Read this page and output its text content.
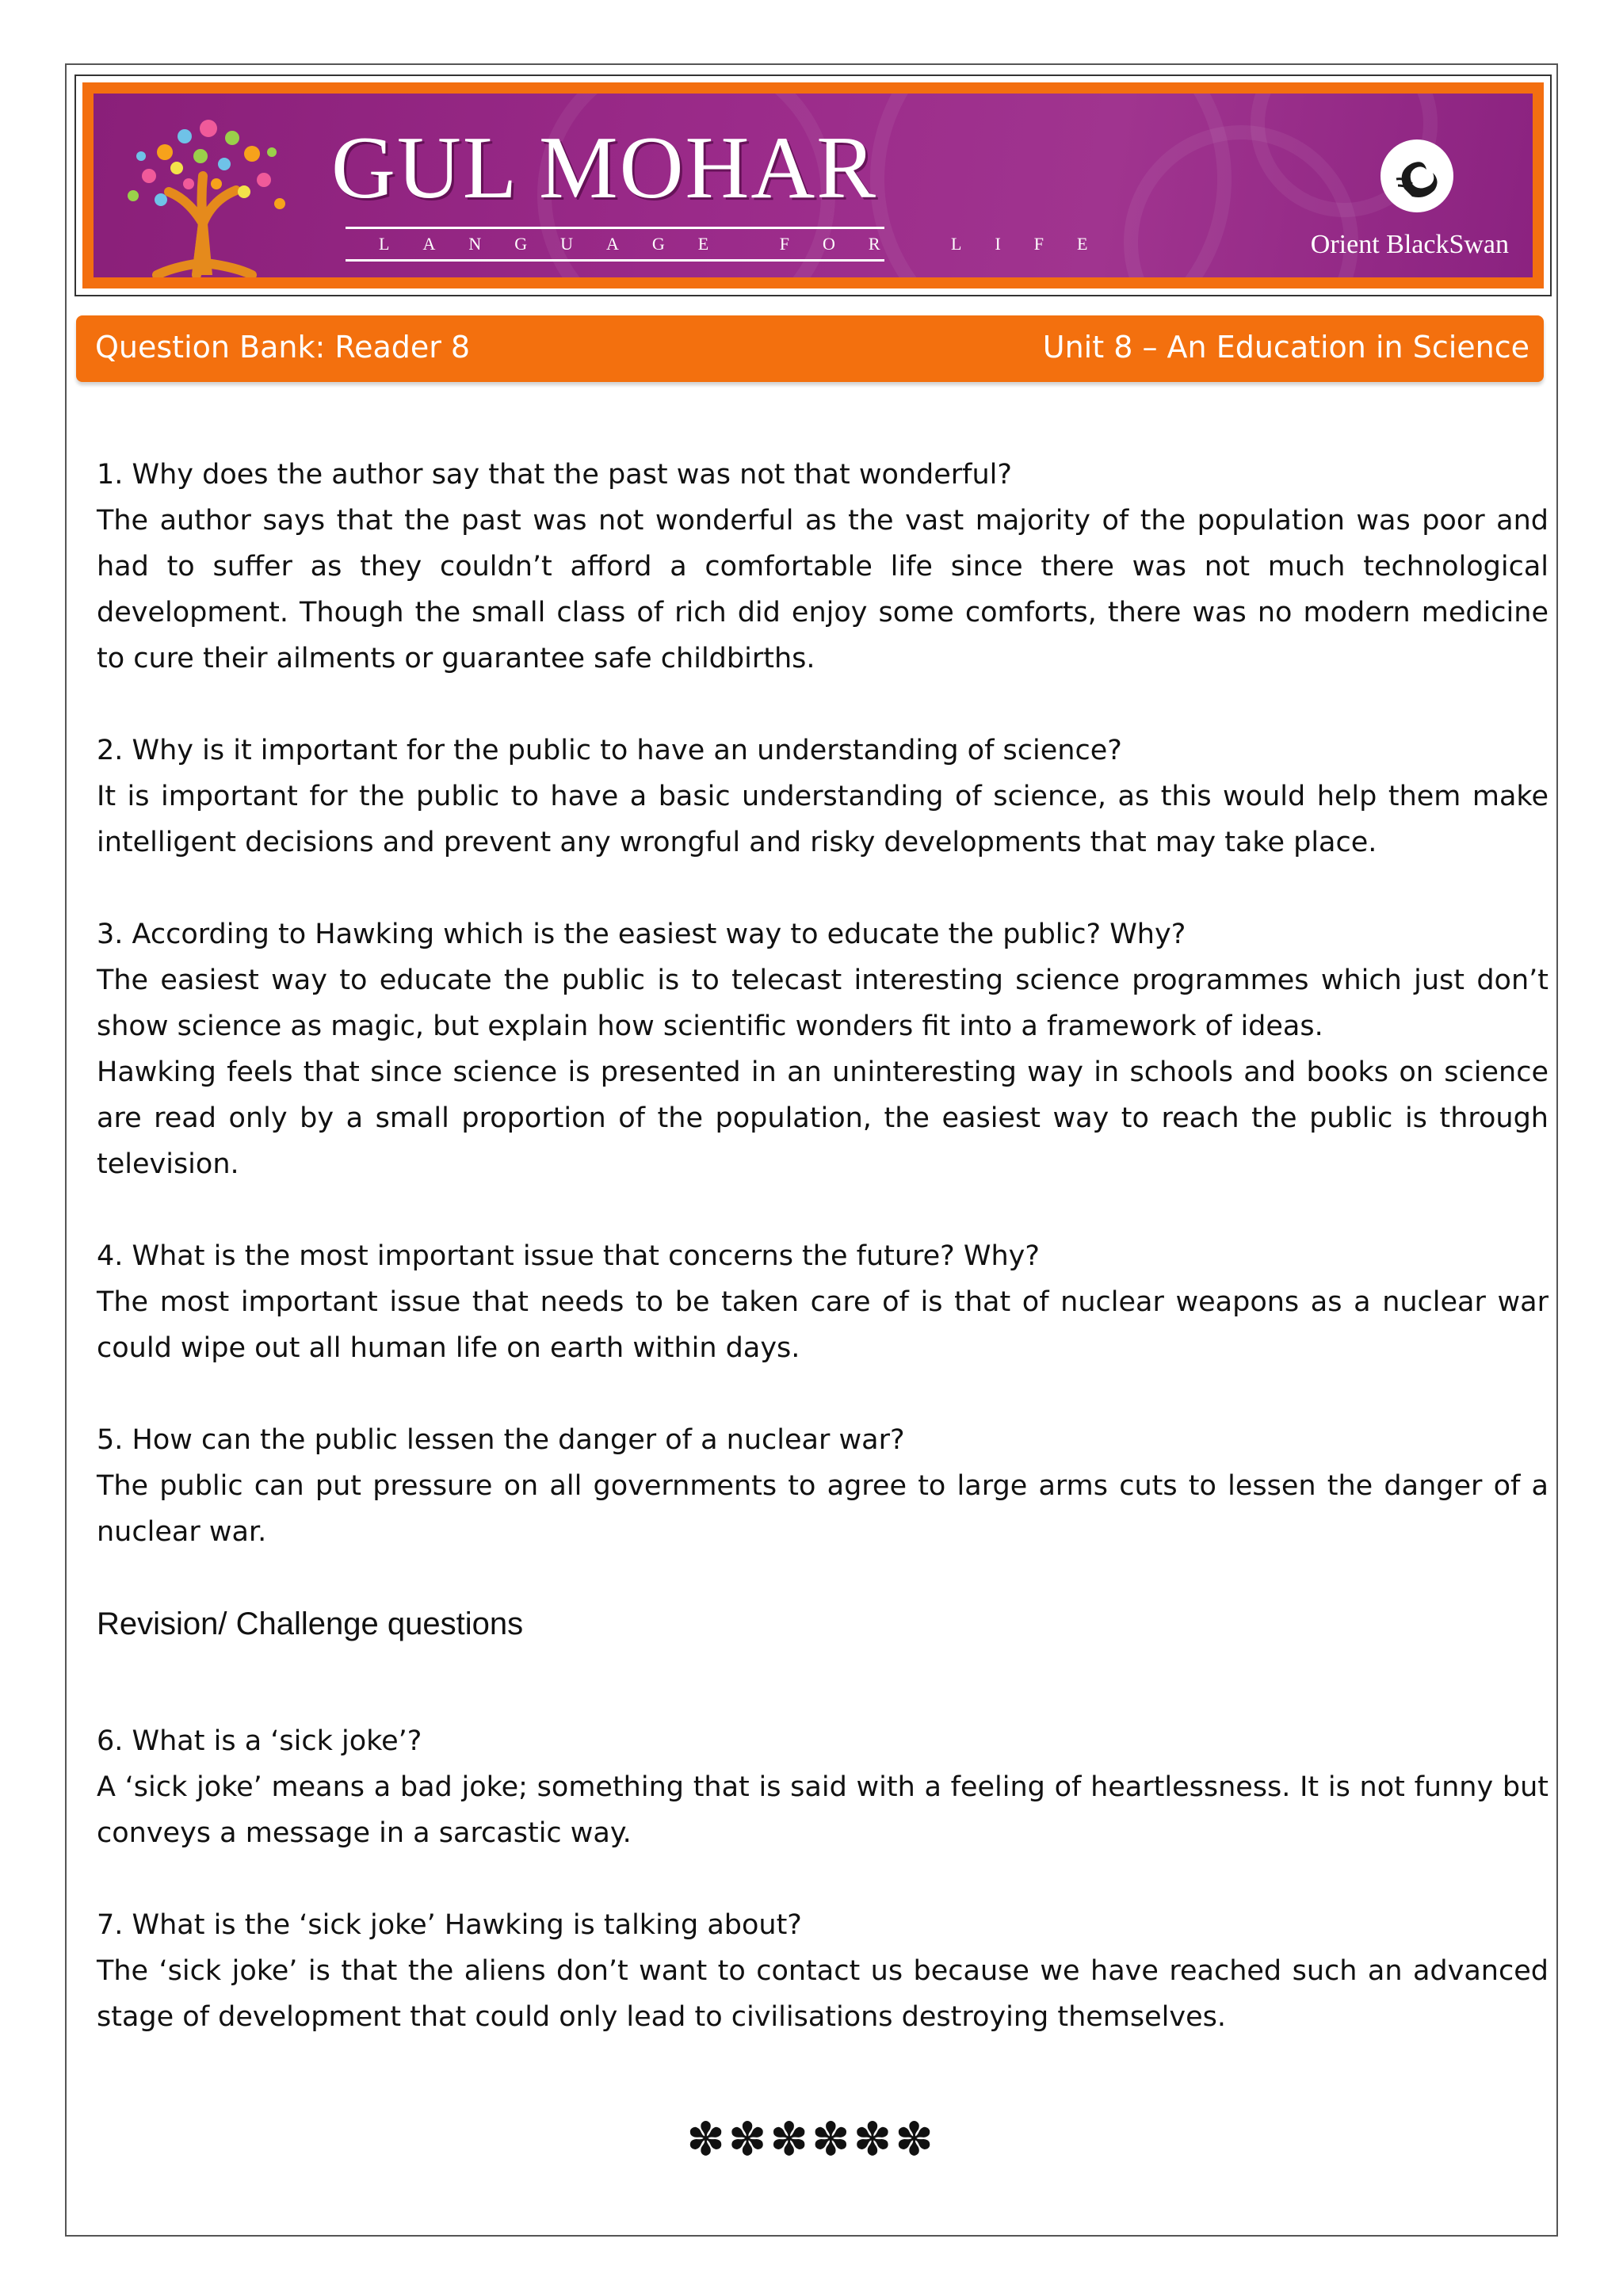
GUL MOHAR
LANGUAGE FOR LIFE	Orient BlackSwan
Question Bank: Reader 8	Unit 8 – An Education in Science

1. Why does the author say that the past was not that wonderful?

The author says that the past was not wonderful as the vast majority of the population was poor and had to suffer as they couldn’t afford a comfortable life since there was not much technological development. Though the small class of rich did enjoy some comforts, there was no modern medicine to cure their ailments or guarantee safe childbirths.

2. Why is it important for the public to have an understanding of science?

It is important for the public to have a basic understanding of science, as this would help them make intelligent decisions and prevent any wrongful and risky developments that may take place.

3. According to Hawking which is the easiest way to educate the public? Why?

The easiest way to educate the public is to telecast interesting science programmes which just don’t show science as magic, but explain how scientific wonders fit into a framework of ideas.

Hawking feels that since science is presented in an uninteresting way in schools and books on science are read only by a small proportion of the population, the easiest way to reach the public is through television.

4. What is the most important issue that concerns the future? Why?

The most important issue that needs to be taken care of is that of nuclear weapons as a nuclear war could wipe out all human life on earth within days.

5. How can the public lessen the danger of a nuclear war?

The public can put pressure on all governments to agree to large arms cuts to lessen the danger of a nuclear war.

Revision/ Challenge questions

6. What is a ‘sick joke’?

A ‘sick joke’ means a bad joke; something that is said with a feeling of heartlessness. It is not funny but conveys a message in a sarcastic way.

7. What is the ‘sick joke’ Hawking is talking about?

The ‘sick joke’ is that the aliens don’t want to contact us because we have reached such an advanced stage of development that could only lead to civilisations destroying themselves.

✽✽✽✽✽✽
